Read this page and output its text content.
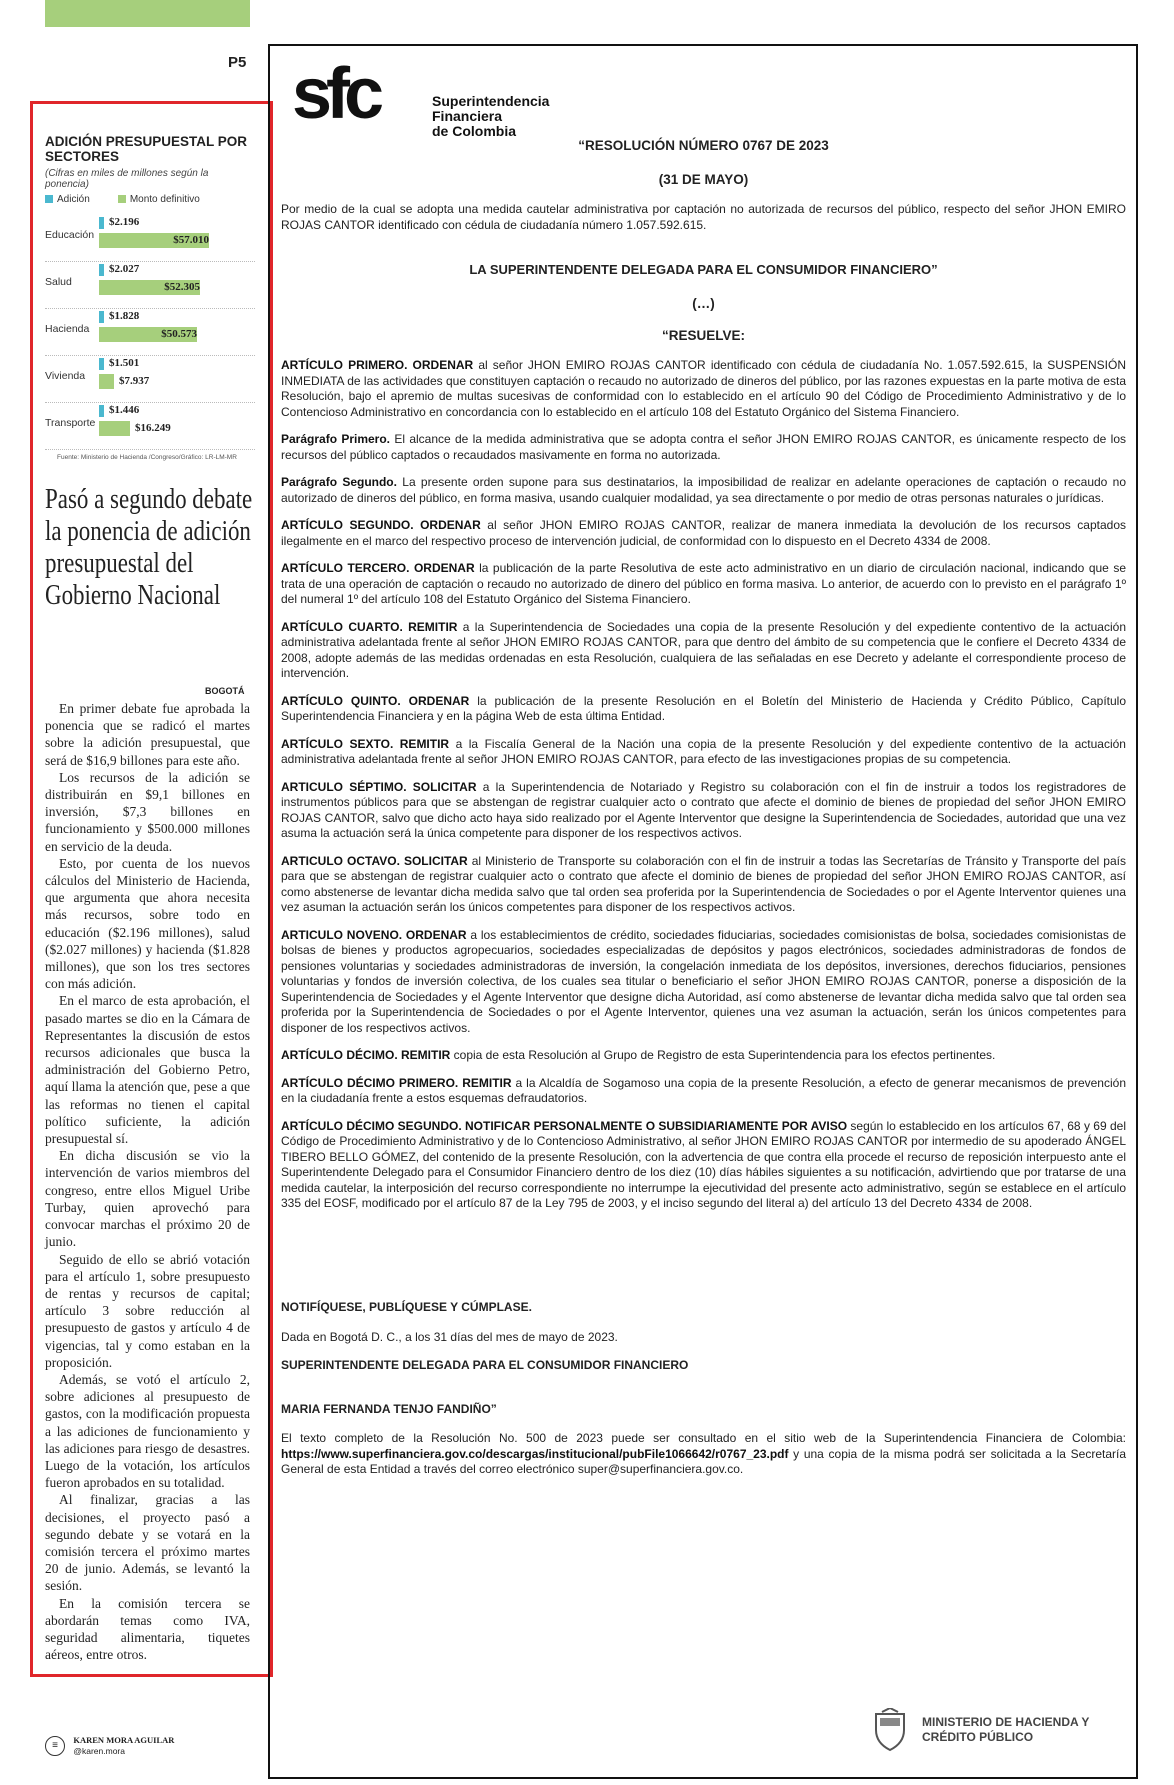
P5

ADICIÓN PRESUPUESTAL POR SECTORES

(Cifras en miles de millones según la ponencia)
Adición	Monto definitivo
Educación
$2.196
$57.010
Salud
$2.027
$52.305
Hacienda
$1.828
$50.573
Vivienda
$1.501
$7.937
Transporte
$1.446
$16.249
Fuente: Ministerio de Hacienda /Congreso/Gráfico: LR-LM-MR
Pasó a segundo debate la ponencia de adición presupuestal del Gobierno Nacional
BOGOTÁ

En primer debate fue aprobada la ponencia que se radicó el martes sobre la adición presupuestal, que será de $16,9 billones para este año.

Los recursos de la adición se distribuirán en $9,1 billones en inversión, $7,3 billones en funcionamiento y $500.000 millones en servicio de la deuda.

Esto, por cuenta de los nuevos cálculos del Ministerio de Hacienda, que argumenta que ahora necesita más recursos, sobre todo en educación ($2.196 millones), salud ($2.027 millones) y hacienda ($1.828 millones), que son los tres sectores con más adición.

En el marco de esta aprobación, el pasado martes se dio en la Cámara de Representantes la discusión de estos recursos adicionales que busca la administración del Gobierno Petro, aquí llama la atención que, pese a que las reformas no tienen el capital político suficiente, la adición presupuestal sí.

En dicha discusión se vio la intervención de varios miembros del congreso, entre ellos Miguel Uribe Turbay, quien aprovechó para convocar marchas el próximo 20 de junio.

Seguido de ello se abrió votación para el artículo 1, sobre presupuesto de rentas y recursos de capital; artículo 3 sobre reducción al presupuesto de gastos y artículo 4 de vigencias, tal y como estaban en la proposición.

Además, se votó el artículo 2, sobre adiciones al presupuesto de gastos, con la modificación propuesta a las adiciones de funcionamiento y las adiciones para riesgo de desastres. Luego de la votación, los artículos fueron aprobados en su totalidad.

Al finalizar, gracias a las decisiones, el proyecto pasó a segundo debate y se votará en la comisión tercera el próximo martes 20 de junio. Además, se levantó la sesión.

En la comisión tercera se abordarán temas como IVA, seguridad alimentaria, tiquetes aéreos, entre otros.

≡ KAREN MORA AGUILAR
@karen.mora
sfc	Superintendencia
Financiera
de Colombia
“RESOLUCIÓN NÚMERO 0767 DE 2023
(31 DE MAYO)
Por medio de la cual se adopta una medida cautelar administrativa por captación no autorizada de recursos del público, respecto del señor JHON EMIRO ROJAS CANTOR identificado con cédula de ciudadanía número 1.057.592.615.
LA SUPERINTENDENTE DELEGADA PARA EL CONSUMIDOR FINANCIERO”
(…)
“RESUELVE:
ARTÍCULO PRIMERO. ORDENAR al señor JHON EMIRO ROJAS CANTOR identificado con cédula de ciudadanía No. 1.057.592.615, la SUSPENSIÓN INMEDIATA de las actividades que constituyen captación o recaudo no autorizado de dineros del público, por las razones expuestas en la parte motiva de esta Resolución, bajo el apremio de multas sucesivas de conformidad con lo establecido en el artículo 90 del Código de Procedimiento Administrativo y de lo Contencioso Administrativo en concordancia con lo establecido en el artículo 108 del Estatuto Orgánico del Sistema Financiero.
Parágrafo Primero. El alcance de la medida administrativa que se adopta contra el señor JHON EMIRO ROJAS CANTOR, es únicamente respecto de los recursos del público captados o recaudados masivamente en forma no autorizada.
Parágrafo Segundo. La presente orden supone para sus destinatarios, la imposibilidad de realizar en adelante operaciones de captación o recaudo no autorizado de dineros del público, en forma masiva, usando cualquier modalidad, ya sea directamente o por medio de otras personas naturales o jurídicas.
ARTÍCULO SEGUNDO. ORDENAR al señor JHON EMIRO ROJAS CANTOR, realizar de manera inmediata la devolución de los recursos captados ilegalmente en el marco del respectivo proceso de intervención judicial, de conformidad con lo dispuesto en el Decreto 4334 de 2008.
ARTÍCULO TERCERO. ORDENAR la publicación de la parte Resolutiva de este acto administrativo en un diario de circulación nacional, indicando que se trata de una operación de captación o recaudo no autorizado de dinero del público en forma masiva. Lo anterior, de acuerdo con lo previsto en el parágrafo 1º del numeral 1º del artículo 108 del Estatuto Orgánico del Sistema Financiero.
ARTÍCULO CUARTO. REMITIR a la Superintendencia de Sociedades una copia de la presente Resolución y del expediente contentivo de la actuación administrativa adelantada frente al señor JHON EMIRO ROJAS CANTOR, para que dentro del ámbito de su competencia que le confiere el Decreto 4334 de 2008, adopte además de las medidas ordenadas en esta Resolución, cualquiera de las señaladas en ese Decreto y adelante el correspondiente proceso de intervención.
ARTÍCULO QUINTO. ORDENAR la publicación de la presente Resolución en el Boletín del Ministerio de Hacienda y Crédito Público, Capítulo Superintendencia Financiera y en la página Web de esta última Entidad.
ARTÍCULO SEXTO. REMITIR a la Fiscalía General de la Nación una copia de la presente Resolución y del expediente contentivo de la actuación administrativa adelantada frente al señor JHON EMIRO ROJAS CANTOR, para efecto de las investigaciones propias de su competencia.
ARTICULO SÉPTIMO. SOLICITAR a la Superintendencia de Notariado y Registro su colaboración con el fin de instruir a todos los registradores de instrumentos públicos para que se abstengan de registrar cualquier acto o contrato que afecte el dominio de bienes de propiedad del señor JHON EMIRO ROJAS CANTOR, salvo que dicho acto haya sido realizado por el Agente Interventor que designe la Superintendencia de Sociedades, autoridad que una vez asuma la actuación será la única competente para disponer de los respectivos activos.
ARTICULO OCTAVO. SOLICITAR al Ministerio de Transporte su colaboración con el fin de instruir a todas las Secretarías de Tránsito y Transporte del país para que se abstengan de registrar cualquier acto o contrato que afecte el dominio de bienes de propiedad del señor JHON EMIRO ROJAS CANTOR, así como abstenerse de levantar dicha medida salvo que tal orden sea proferida por la Superintendencia de Sociedades o por el Agente Interventor quienes una vez asuman la actuación serán los únicos competentes para disponer de los respectivos activos.
ARTICULO NOVENO. ORDENAR a los establecimientos de crédito, sociedades fiduciarias, sociedades comisionistas de bolsa, sociedades comisionistas de bolsas de bienes y productos agropecuarios, sociedades especializadas de depósitos y pagos electrónicos, sociedades administradoras de fondos de pensiones voluntarias y sociedades administradoras de inversión, la congelación inmediata de los depósitos, inversiones, derechos fiduciarios, pensiones voluntarias y fondos de inversión colectiva, de los cuales sea titular o beneficiario el señor JHON EMIRO ROJAS CANTOR, ponerse a disposición de la Superintendencia de Sociedades y el Agente Interventor que designe dicha Autoridad, así como abstenerse de levantar dicha medida salvo que tal orden sea proferida por la Superintendencia de Sociedades o por el Agente Interventor, quienes una vez asuman la actuación, serán los únicos competentes para disponer de los respectivos activos.
ARTÍCULO DÉCIMO. REMITIR copia de esta Resolución al Grupo de Registro de esta Superintendencia para los efectos pertinentes.
ARTÍCULO DÉCIMO PRIMERO. REMITIR a la Alcaldía de Sogamoso una copia de la presente Resolución, a efecto de generar mecanismos de prevención en la ciudadanía frente a estos esquemas defraudatorios.
ARTÍCULO DÉCIMO SEGUNDO. NOTIFICAR PERSONALMENTE O SUBSIDIARIAMENTE POR AVISO según lo establecido en los artículos 67, 68 y 69 del Código de Procedimiento Administrativo y de lo Contencioso Administrativo, al señor JHON EMIRO ROJAS CANTOR por intermedio de su apoderado ÁNGEL TIBERO BELLO GÓMEZ, del contenido de la presente Resolución, con la advertencia de que contra ella procede el recurso de reposición interpuesto ante el Superintendente Delegado para el Consumidor Financiero dentro de los diez (10) días hábiles siguientes a su notificación, advirtiendo que por tratarse de una medida cautelar, la interposición del recurso correspondiente no interrumpe la ejecutividad del presente acto administrativo, según se establece en el artículo 335 del EOSF, modificado por el artículo 87 de la Ley 795 de 2003, y el inciso segundo del literal a) del artículo 13 del Decreto 4334 de 2008.
NOTIFÍQUESE, PUBLÍQUESE Y CÚMPLASE.
Dada en Bogotá D. C., a los 31 días del mes de mayo de 2023.
SUPERINTENDENTE DELEGADA PARA EL CONSUMIDOR FINANCIERO
MARIA FERNANDA TENJO FANDIÑO”
El texto completo de la Resolución No. 500 de 2023 puede ser consultado en el sitio web de la Superintendencia Financiera de Colombia: https://www.superfinanciera.gov.co/descargas/institucional/pubFile1066642/r0767_23.pdf y una copia de la misma podrá ser solicitada a la Secretaría General de esta Entidad a través del correo electrónico super@superfinanciera.gov.co.
MINISTERIO DE HACIENDA Y
CRÉDITO PÚBLICO
